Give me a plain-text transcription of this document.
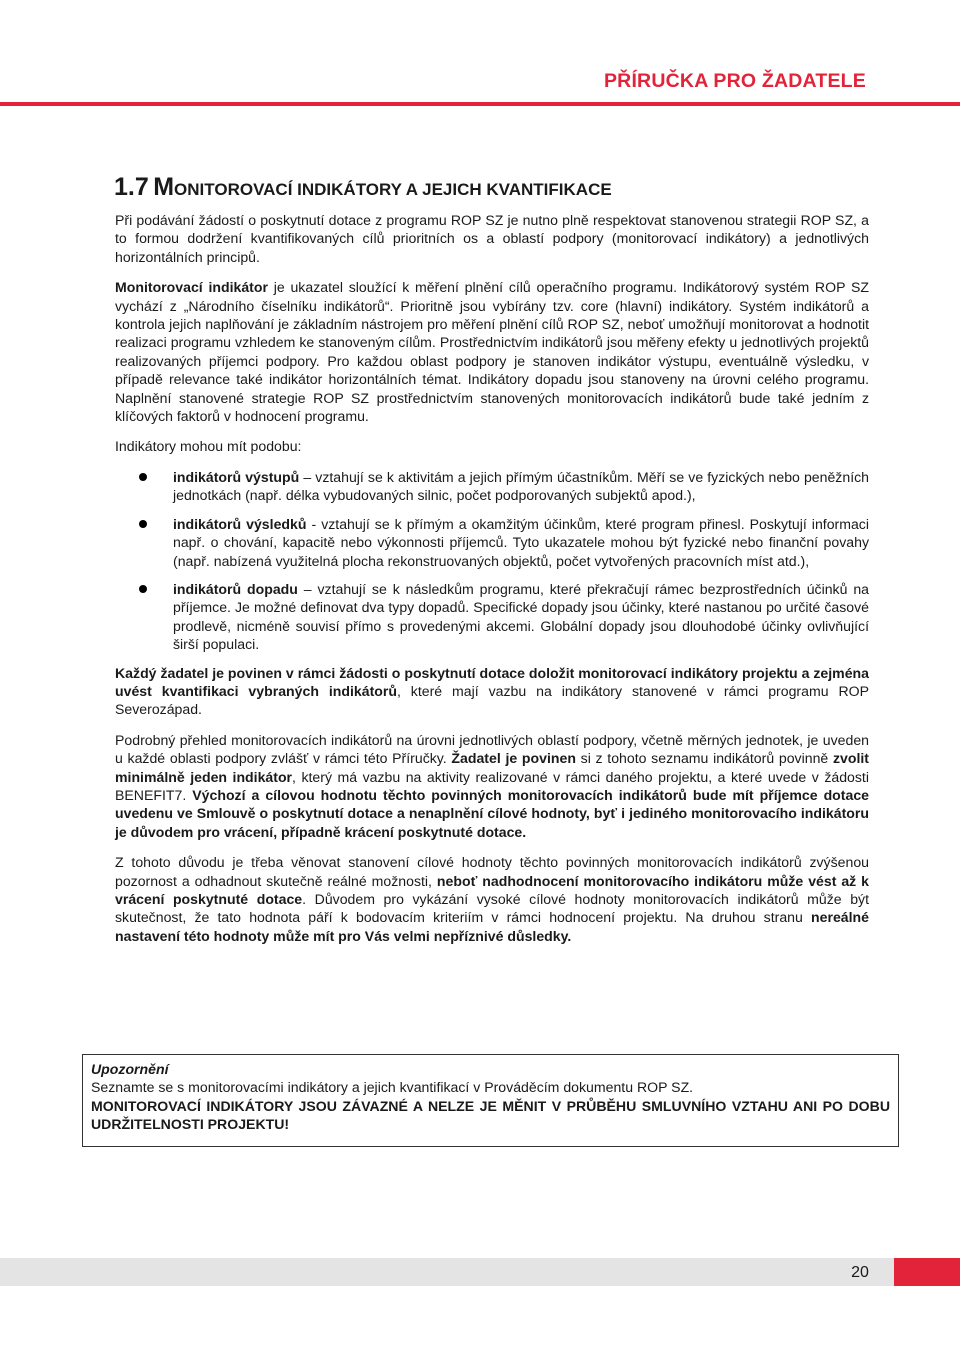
PŘÍRUČKA PRO ŽADATELE
1.7 MONITOROVACÍ INDIKÁTORY A JEJICH KVANTIFIKACE

Při podávání žádostí o poskytnutí dotace z programu ROP SZ je nutno plně respektovat stanovenou strategii ROP SZ, a to formou dodržení kvantifikovaných cílů prioritních os a oblastí podpory (monitorovací indikátory) a jednotlivých horizontálních principů.

Monitorovací indikátor je ukazatel sloužící k měření plnění cílů operačního programu. Indikátorový systém ROP SZ vychází z „Národního číselníku indikátorů“. Prioritně jsou vybírány tzv. core (hlavní) indikátory. Systém indikátorů a kontrola jejich naplňování je základním nástrojem pro měření plnění cílů ROP SZ, neboť umožňují monitorovat a hodnotit realizaci programu vzhledem ke stanoveným cílům. Prostřednictvím indikátorů jsou měřeny efekty u jednotlivých projektů realizovaných příjemci podpory. Pro každou oblast podpory je stanoven indikátor výstupu, eventuálně výsledku, v případě relevance také indikátor horizontálních témat. Indikátory dopadu jsou stanoveny na úrovni celého programu. Naplnění stanovené strategie ROP SZ prostřednictvím stanovených monitorovacích indikátorů bude také jedním z klíčových faktorů v hodnocení programu.

Indikátory mohou mít podobu:

indikátorů výstupů – vztahují se k aktivitám a jejich přímým účastníkům. Měří se ve fyzických nebo peněžních jednotkách (např. délka vybudovaných silnic, počet podporovaných subjektů apod.),
indikátorů výsledků - vztahují se k přímým a okamžitým účinkům, které program přinesl. Poskytují informaci např. o chování, kapacitě nebo výkonnosti příjemců. Tyto ukazatele mohou být fyzické nebo finanční povahy (např. nabízená využitelná plocha rekonstruovaných objektů, počet vytvořených pracovních míst atd.),
indikátorů dopadu – vztahují se k následkům programu, které překračují rámec bezprostředních účinků na příjemce. Je možné definovat dva typy dopadů. Specifické dopady jsou účinky, které nastanou po určité časové prodlevě, nicméně souvisí přímo s provedenými akcemi. Globální dopady jsou dlouhodobé účinky ovlivňující širší populaci.

Každý žadatel je povinen v rámci žádosti o poskytnutí dotace doložit monitorovací indikátory projektu a zejména uvést kvantifikaci vybraných indikátorů, které mají vazbu na indikátory stanovené v rámci programu ROP Severozápad.

Podrobný přehled monitorovacích indikátorů na úrovni jednotlivých oblastí podpory, včetně měrných jednotek, je uveden u každé oblasti podpory zvlášť v rámci této Příručky. Žadatel je povinen si z tohoto seznamu indikátorů povinně zvolit minimálně jeden indikátor, který má vazbu na aktivity realizované v rámci daného projektu, a které uvede v žádosti BENEFIT7. Výchozí a cílovou hodnotu těchto povinných monitorovacích indikátorů bude mít příjemce dotace uvedenu ve Smlouvě o poskytnutí dotace a nenaplnění cílové hodnoty, byť i jediného monitorovacího indikátoru je důvodem pro vrácení, případně krácení poskytnuté dotace.

Z tohoto důvodu je třeba věnovat stanovení cílové hodnoty těchto povinných monitorovacích indikátorů zvýšenou pozornost a odhadnout skutečně reálné možnosti, neboť nadhodnocení monitorovacího indikátoru může vést až k vrácení poskytnuté dotace. Důvodem pro vykázání vysoké cílové hodnoty monitorovacích indikátorů může být skutečnost, že tato hodnota páří k bodovacím kriteriím v rámci hodnocení projektu. Na druhou stranu nereálné nastavení této hodnoty může mít pro Vás velmi nepříznivé důsledky.

Upozornění
Seznamte se s monitorovacími indikátory a jejich kvantifikací v Prováděcím dokumentu ROP SZ.
MONITOROVACÍ INDIKÁTORY JSOU ZÁVAZNÉ A NELZE JE MĚNIT V PRŮBĚHU SMLUVNÍHO VZTAHU ANI PO DOBU UDRŽITELNOSTI PROJEKTU!
20
